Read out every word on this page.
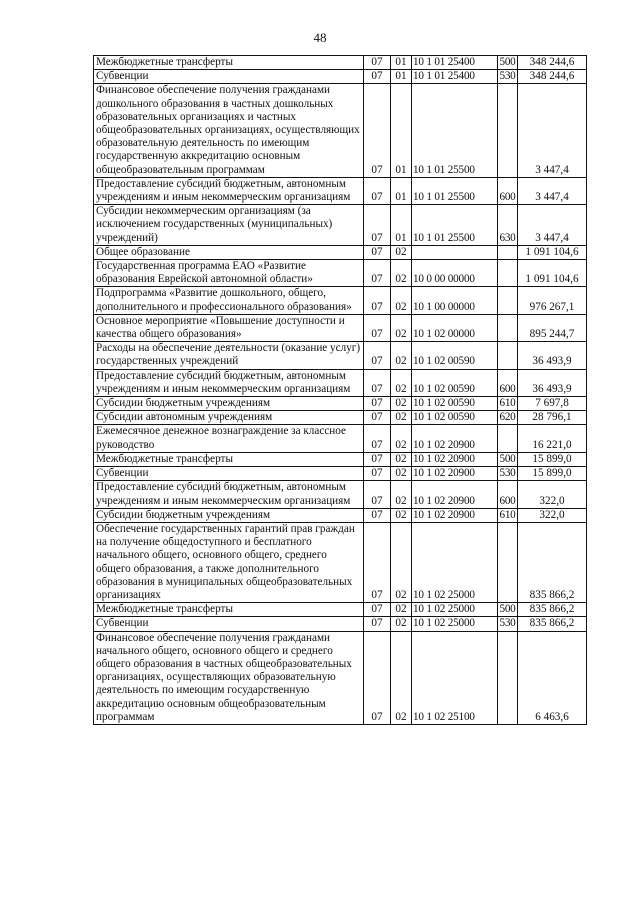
48
Межбюджетные трансферты	07	01	10 1 01 25400	500	348 244,6
Субвенции	07	01	10 1 01 25400	530	348 244,6
Финансовое обеспечение получения гражданами дошкольного образования в частных дошкольных образовательных организациях и частных общеобразовательных организациях, осуществляющих образовательную деятельность по имеющим государственную аккредитацию основным общеобразовательным программам	07	01	10 1 01 25500		3 447,4
Предоставление субсидий бюджетным, автономным учреждениям и иным некоммерческим организациям	07	01	10 1 01 25500	600	3 447,4
Субсидии некоммерческим организациям (за исключением государственных (муниципальных) учреждений)	07	01	10 1 01 25500	630	3 447,4
Общее образование	07	02			1 091 104,6
Государственная программа ЕАО «Развитие образования Еврейской автономной области»	07	02	10 0 00 00000		1 091 104,6
Подпрограмма «Развитие дошкольного, общего, дополнительного и профессионального образования»	07	02	10 1 00 00000		976 267,1
Основное мероприятие «Повышение доступности и качества общего образования»	07	02	10 1 02 00000		895 244,7
Расходы на обеспечение деятельности (оказание услуг) государственных учреждений	07	02	10 1 02 00590		36 493,9
Предоставление субсидий бюджетным, автономным учреждениям и иным некоммерческим организациям	07	02	10 1 02 00590	600	36 493,9
Субсидии бюджетным учреждениям	07	02	10 1 02 00590	610	7 697,8
Субсидии автономным учреждениям	07	02	10 1 02 00590	620	28 796,1
Ежемесячное денежное вознаграждение за классное руководство	07	02	10 1 02 20900		16 221,0
Межбюджетные трансферты	07	02	10 1 02 20900	500	15 899,0
Субвенции	07	02	10 1 02 20900	530	15 899,0
Предоставление субсидий бюджетным, автономным учреждениям и иным некоммерческим организациям	07	02	10 1 02 20900	600	322,0
Субсидии бюджетным учреждениям	07	02	10 1 02 20900	610	322,0
Обеспечение государственных гарантий прав граждан на получение общедоступного и бесплатного начального общего, основного общего, среднего общего образования, а также дополнительного образования в муниципальных общеобразовательных организациях	07	02	10 1 02 25000		835 866,2
Межбюджетные трансферты	07	02	10 1 02 25000	500	835 866,2
Субвенции	07	02	10 1 02 25000	530	835 866,2
Финансовое обеспечение получения гражданами начального общего, основного общего и среднего общего образования в частных общеобразовательных организациях, осуществляющих образовательную деятельность по имеющим государственную аккредитацию основным общеобразовательным программам	07	02	10 1 02 25100		6 463,6
